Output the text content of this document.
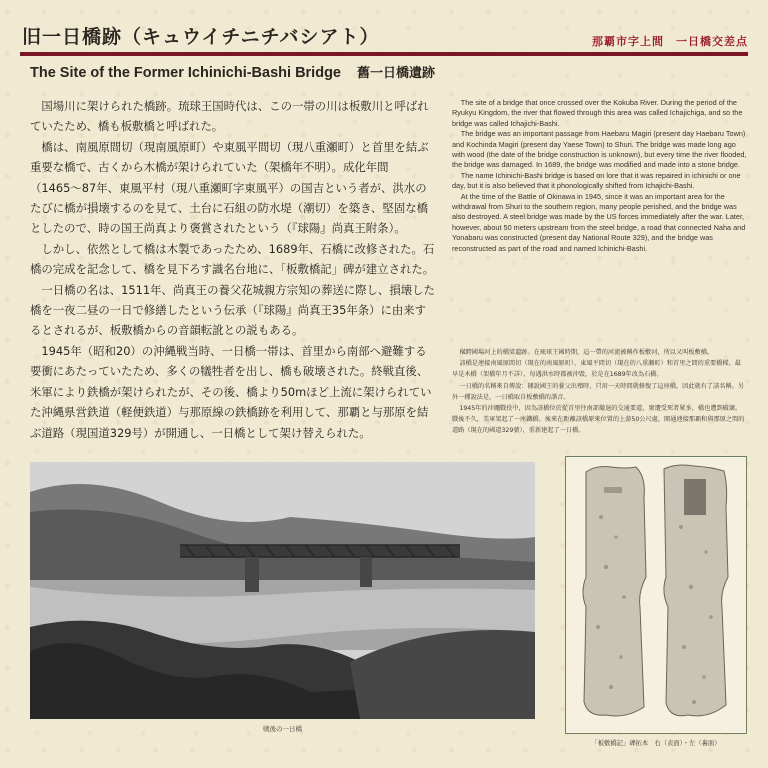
旧一日橋跡（キュウイチニチバシアト）	那覇市字上間　一日橋交差点
The Site of the Former Ichinichi-Bashi Bridge 舊一日橋遺跡

国場川に架けられた橋跡。琉球王国時代は、この一帯の川は板敷川と呼ばれていたため、橋も板敷橋と呼ばれた。

橋は、南風原間切（現南風原町）や東風平間切（現八重瀬町）と首里を結ぶ重要な橋で、古くから木橋が架けられていた（架橋年不明）。成化年間（1465〜87年、東風平村（現八重瀬町字東風平）の国吉という者が、洪水のたびに橋が損壊するのを見て、土台に石組の防水堤（潮切）を築き、堅固な橋としたので、時の国王尚真より褒賞されたという（『球陽』尚真王附条）。

しかし、依然として橋は木製であったため、1689年、石橋に改修された。石橋の完成を記念して、橋を見下ろす識名台地に、「板敷橋記」碑が建立された。

一日橋の名は、1511年、尚真王の養父花城親方宗知の葬送に際し、損壊した橋を一夜二昼の一日で修繕したという伝承（『球陽』尚真王35年条）に由来するとされるが、板敷橋からの音韻転訛との説もある。

1945年（昭和20）の沖縄戦当時、一日橋一帯は、首里から南部へ避難する要衝にあたっていたため、多くの犠牲者を出し、橋も破壊された。終戦直後、米軍により鉄橋が架けられたが、その後、橋より50mほど上流に架けられていた沖縄県営鉄道（軽便鉄道）与那原線の鉄橋跡を利用して、那覇と与那原を結ぶ道路（現国道329号）が開通し、一日橋として架け替えられた。

The site of a bridge that once crossed over the Kokuba River. During the period of the Ryukyu Kingdom, the river that flowed through this area was called Ichajichiga, and so the bridge was called Ichajichi-Bashi.

The bridge was an important passage from Haebaru Magiri (present day Haebaru Town) and Kochinda Magiri (present day Yaese Town) to Shuri. The bridge was made long ago with wood (the date of the bridge construction is unknown), but every time the river flooded, the bridge was damaged. In 1689, the bridge was modified and made into a stone bridge.

The name Ichinichi-Bashi bridge is based on lore that it was repaired in ichinichi or one day, but it is also believed that it phonologically shifted from Ichajichi-Bashi.

At the time of the Battle of Okinawa in 1945, since it was an important area for the withdrawal from Shuri to the southern region, many people perished, and the bridge was also destroyed. A steel bridge was made by the US forces immediately after the war. Later, however, about 50 meters upstream from the steel bridge, a road that connected Naha and Yonabaru was constructed (present day National Route 329), and the bridge was reconstructed as part of the road and named Ichinichi-Bashi.

橫跨國場河上的橋梁遺跡。在琉球王國時期，這一帶的河流被稱作板敷河，所以又叫板敷橋。

該橋是連接南風原間切（現在的南風原町）、東風平間切（現在的八重瀬町）和首里之間的重要橋樑。最早是木橋（架橋年月不詳），每遇洪水時都被沖毀，於是在1689年改為石橋。

一日橋的名稱來自傳說：據說國王的養父出殯時，只用一天時間就修復了這座橋，因此就有了該名稱。另外一種說法是，一日橋取自板敷橋的諧音。

1945年的沖繩戰役中，因為該橋位於從首里往南部撤退的交通要道，衆遭受死者眾多，橋也遭到破壞。戰後不久，美軍架起了一座鐵橋。後來在距離該橋原來位置的上游50公尺處，開通連接那覇和與那原之間的道路（現在的國道329號），重新建起了一日橋。

戦後の一日橋
「板敷橋記」碑拓本　右（表面）・左（裏面）
